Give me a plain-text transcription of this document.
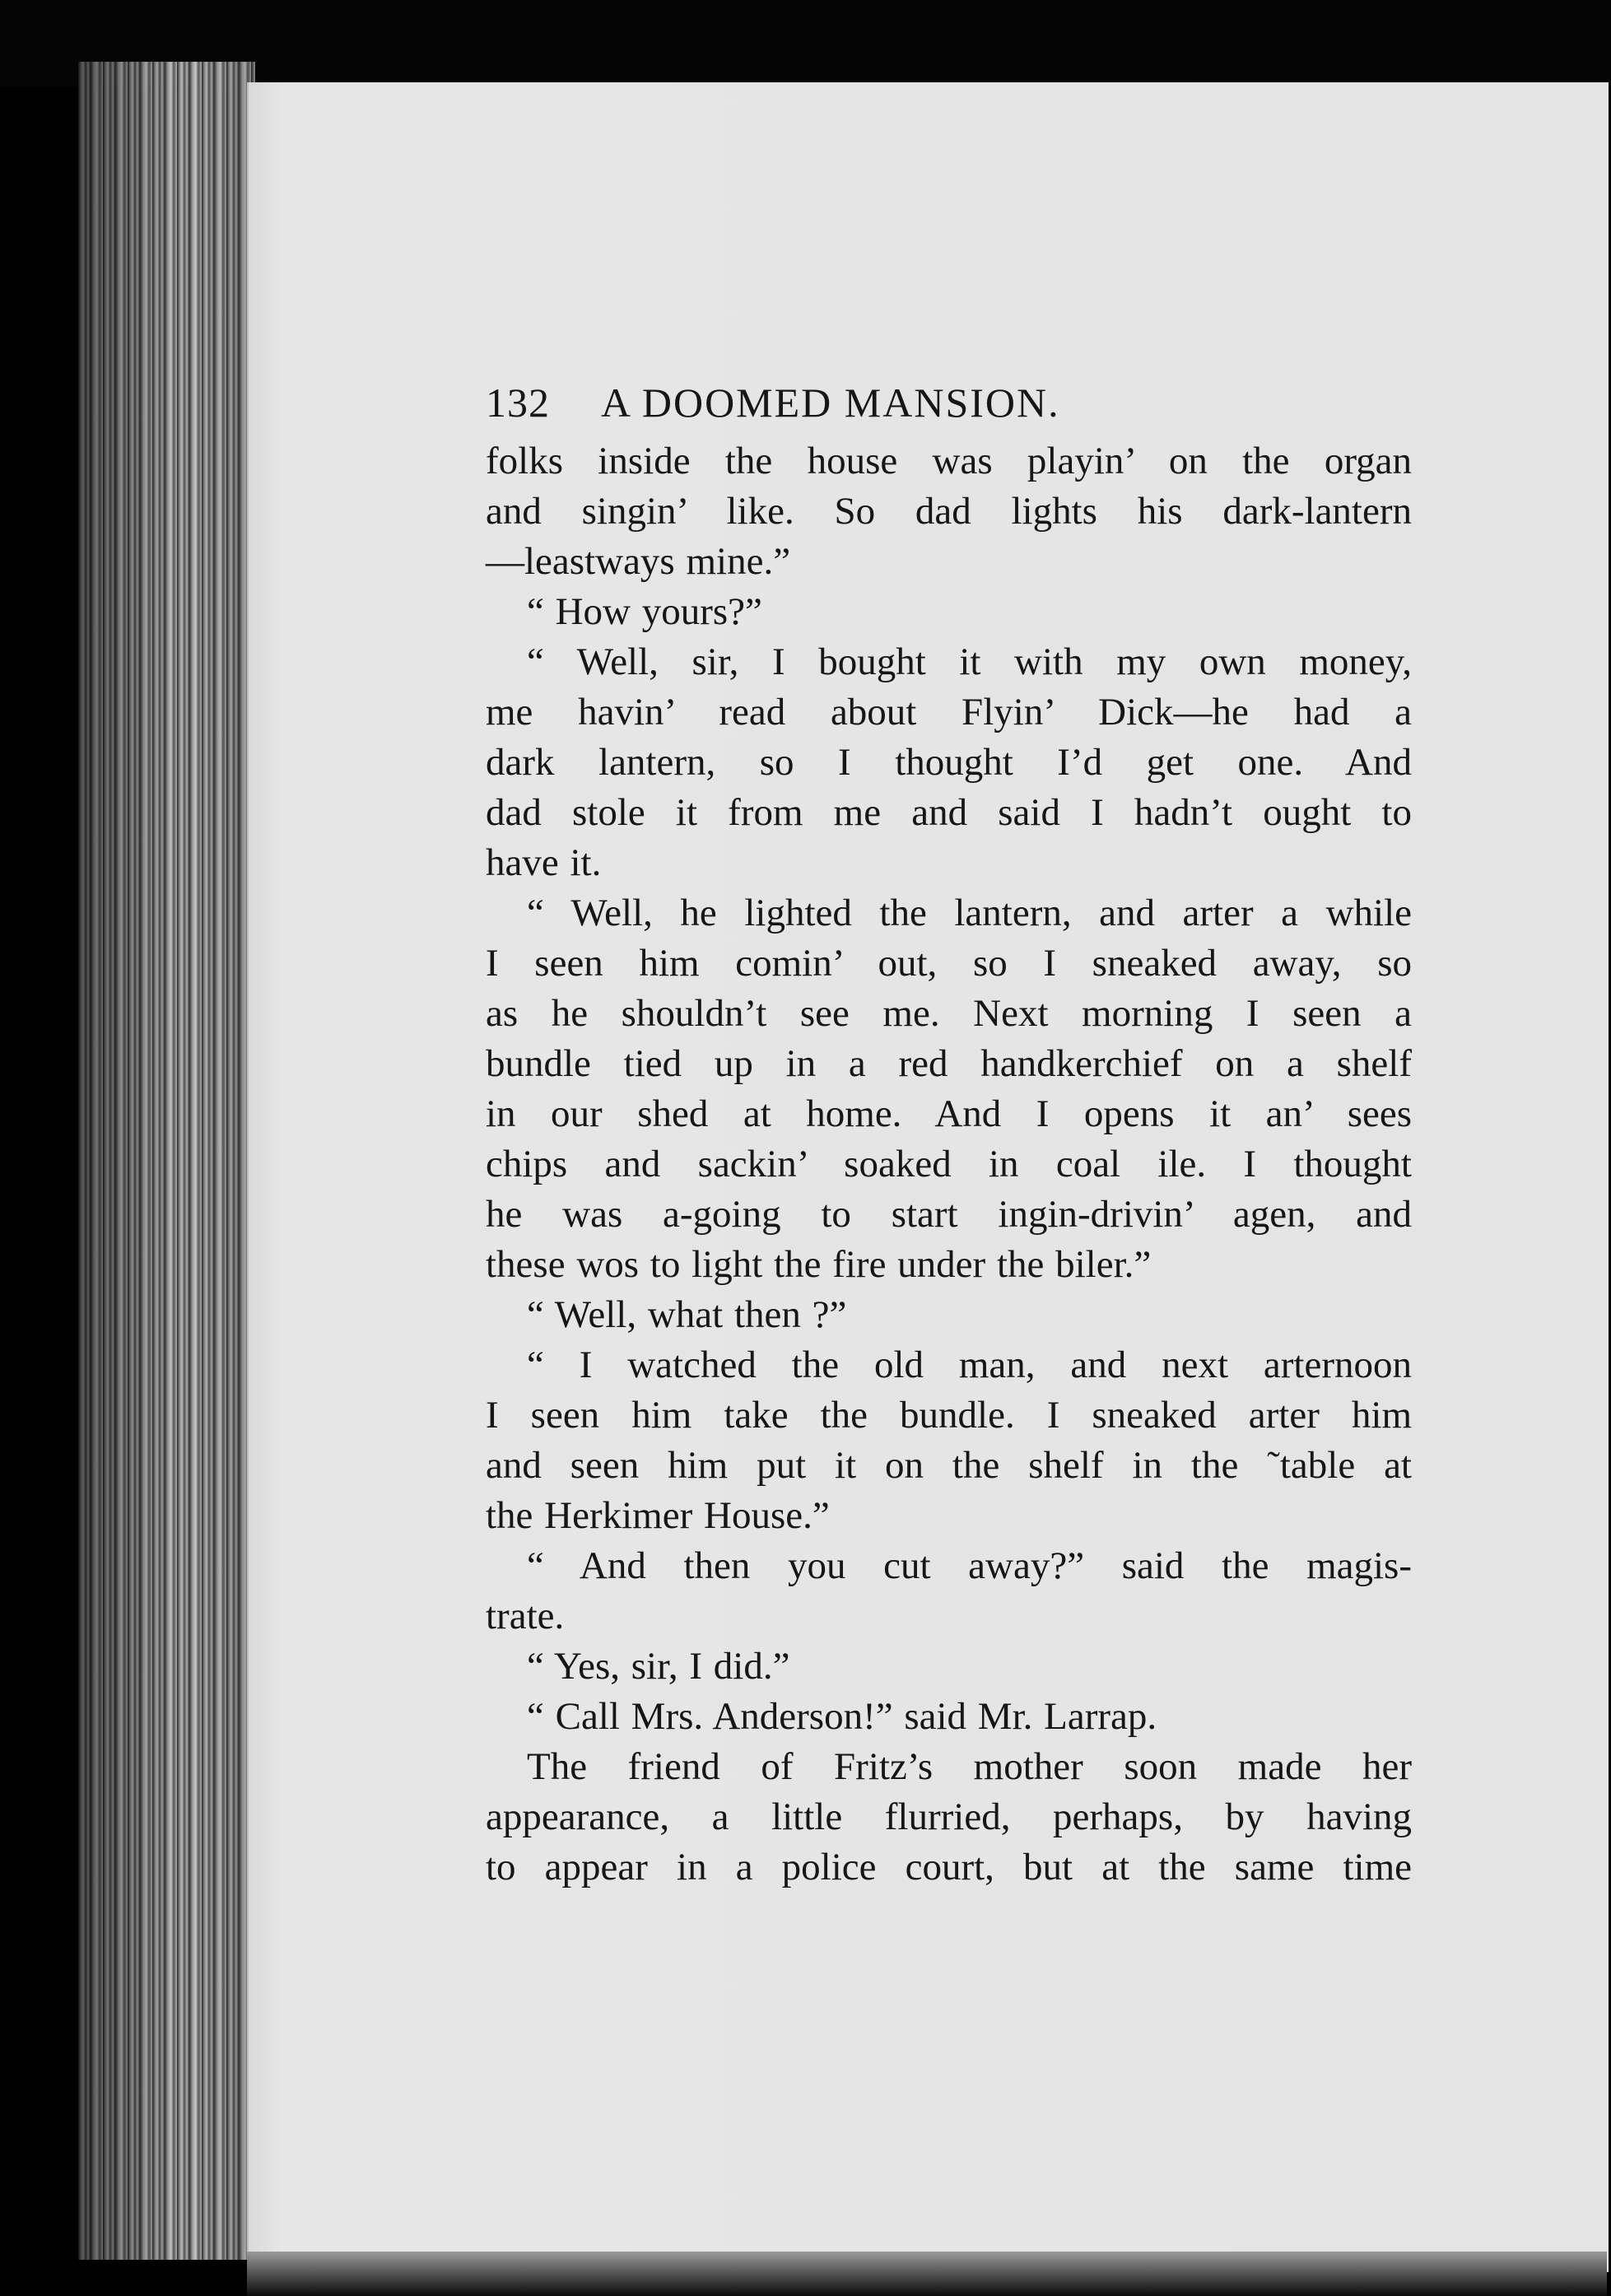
132 A DOOMED MANSION.
folks inside the house was playin’ on the organ
and singin’ like. So dad lights his dark-lantern
—leastways mine.”
“ How yours?”
“ Well, sir, I bought it with my own money,
me havin’ read about Flyin’ Dick—he had a
dark lantern, so I thought I’d get one. And
dad stole it from me and said I hadn’t ought to
have it.
“ Well, he lighted the lantern, and arter a while
I seen him comin’ out, so I sneaked away, so
as he shouldn’t see me. Next morning I seen a
bundle tied up in a red handkerchief on a shelf
in our shed at home. And I opens it an’ sees
chips and sackin’ soaked in coal ile. I thought
he was a-going to start ingin-drivin’ agen, and
these wos to light the fire under the biler.”
“ Well, what then ?”
“ I watched the old man, and next arternoon
I seen him take the bundle. I sneaked arter him
and seen him put it on the shelf in the ˜table at
the Herkimer House.”
“ And then you cut away?” said the magis-
trate.
“ Yes, sir, I did.”
“ Call Mrs. Anderson!” said Mr. Larrap.
The friend of Fritz’s mother soon made her
appearance, a little flurried, perhaps, by having
to appear in a police court, but at the same time
